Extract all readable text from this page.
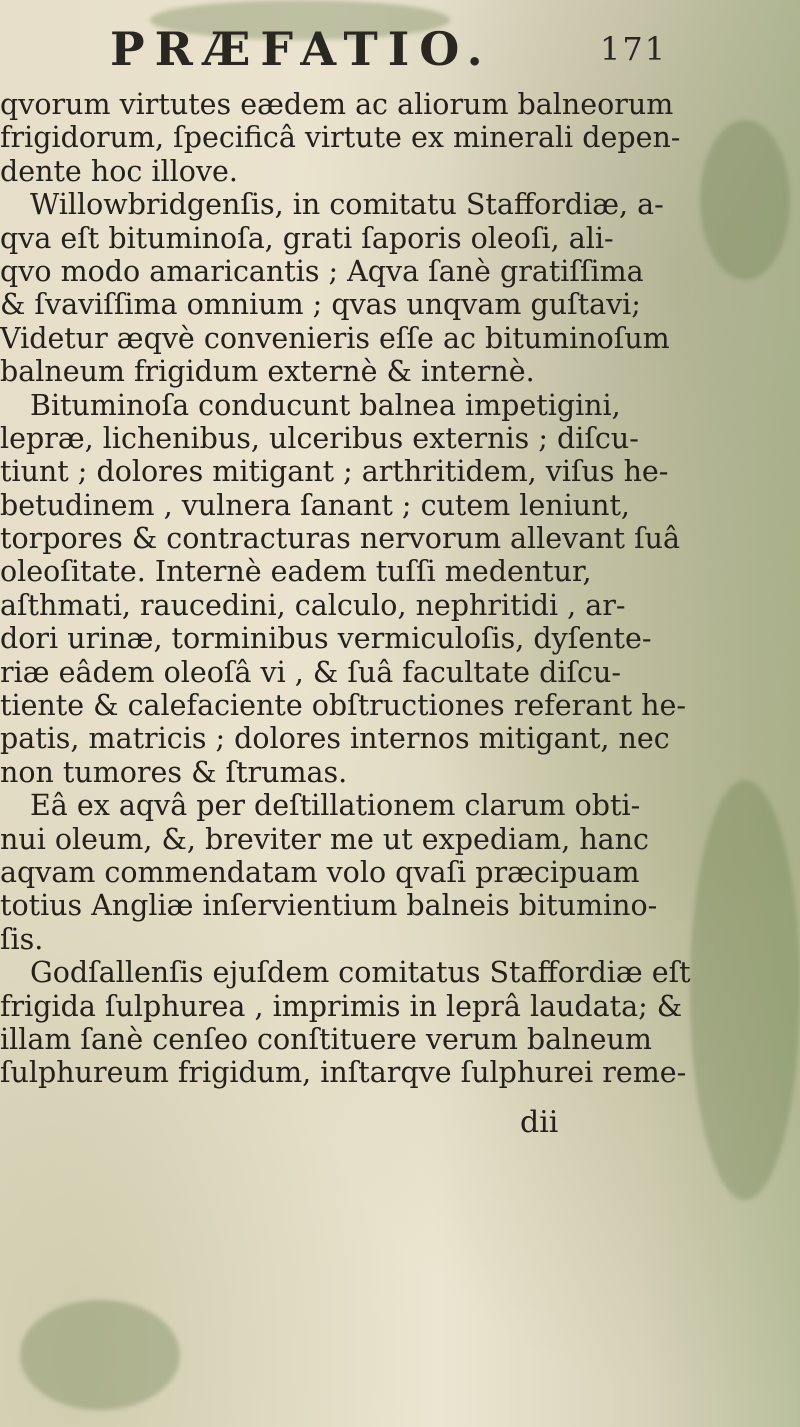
PRÆFATIO.	171
qvorum virtutes eædem ac aliorum balneorum
frigidorum, ſpecificâ virtute ex minerali depen-
dente hoc illove.
Willowbridgenſis, in comitatu Staffordiæ, a-
qva eſt bituminoſa, grati ſaporis oleoſi, ali-
qvo modo amaricantis ; Aqva ſanè gratiſſima
& ſvaviſſima omnium ; qvas unqvam guſtavi;
Videtur æqvè convenieris eſſe ac bituminoſum
balneum frigidum externè & internè.
Bituminoſa conducunt balnea impetigini,
lepræ, lichenibus, ulceribus externis ; diſcu-
tiunt ; dolores mitigant ; arthritidem, viſus he-
betudinem , vulnera ſanant ; cutem leniunt,
torpores & contracturas nervorum allevant ſuâ
oleoſitate. Internè eadem tuſſi medentur,
aſthmati, raucedini, calculo, nephritidi , ar-
dori urinæ, torminibus vermiculoſis, dyſente-
riæ eâdem oleoſâ vi , & ſuâ facultate diſcu-
tiente & calefaciente obſtructiones referant he-
patis, matricis ; dolores internos mitigant, nec
non tumores & ſtrumas.
Eâ ex aqvâ per deſtillationem clarum obti-
nui oleum, &, breviter me ut expediam, hanc
aqvam commendatam volo qvaſi præcipuam
totius Angliæ inſervientium balneis bitumino-
ſis.
Godſallenſis ejuſdem comitatus Staffordiæ eſt
frigida ſulphurea , imprimis in leprâ laudata; &
illam ſanè cenſeo conſtituere verum balneum
ſulphureum frigidum, inſtarqve ſulphurei reme-
dii
